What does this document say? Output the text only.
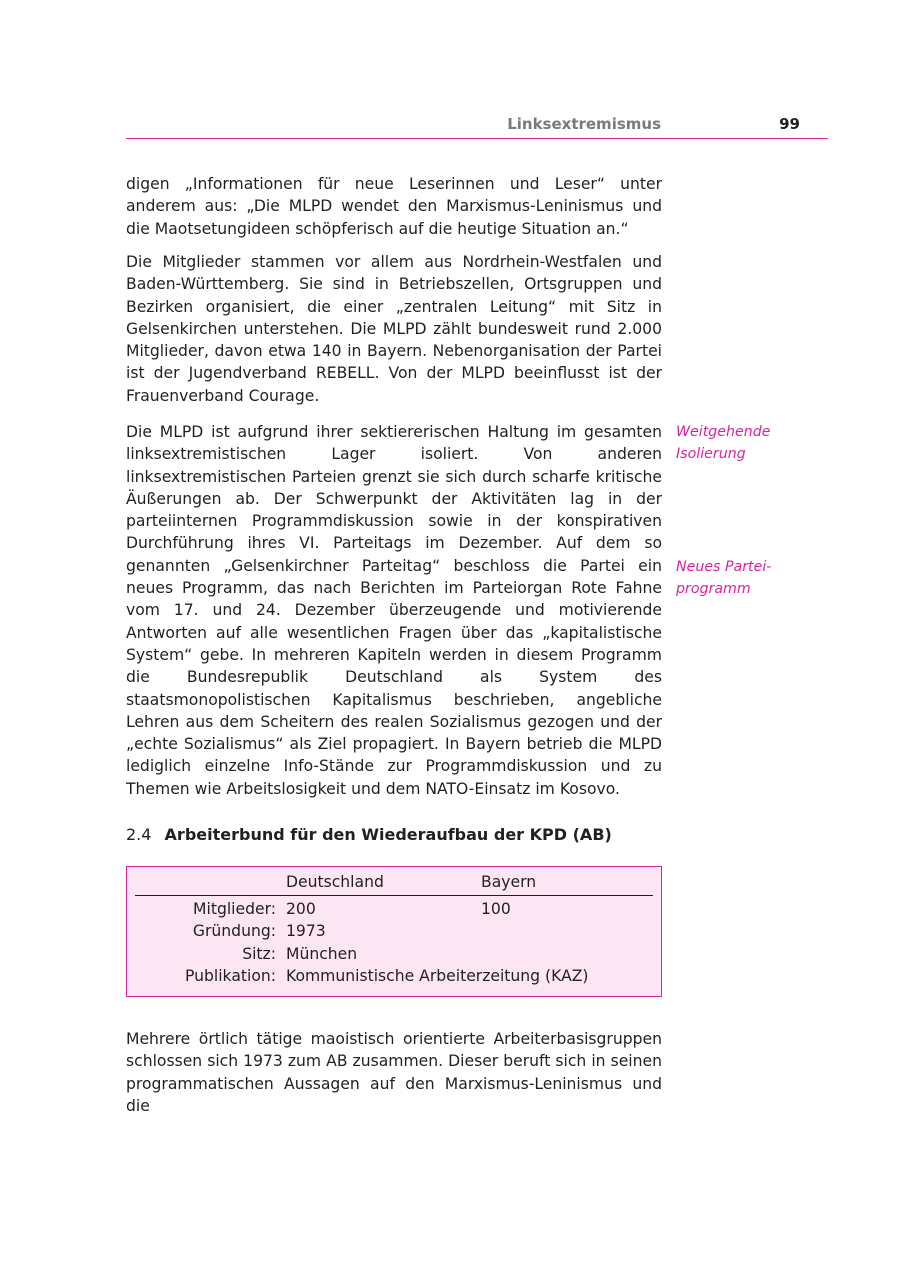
Linksextremismus	99

digen „Informationen für neue Leserinnen und Leser“ unter anderem aus: „Die MLPD wendet den Marxismus-Leninismus und die Maotsetungideen schöpferisch auf die heutige Situation an.“

Die Mitglieder stammen vor allem aus Nordrhein-Westfalen und Baden-Württemberg. Sie sind in Betriebszellen, Ortsgruppen und Bezirken organisiert, die einer „zentralen Leitung“ mit Sitz in Gelsenkirchen unterstehen. Die MLPD zählt bundesweit rund 2.000 Mitglieder, davon etwa 140 in Bayern. Nebenorganisation der Partei ist der Jugendverband REBELL. Von der MLPD beeinflusst ist der Frauenverband Courage.

Die MLPD ist aufgrund ihrer sektiererischen Haltung im gesamten linksextremistischen Lager isoliert. Von anderen linksextremistischen Parteien grenzt sie sich durch scharfe kritische Äußerungen ab. Der Schwerpunkt der Aktivitäten lag in der parteiinternen Programmdiskussion sowie in der konspirativen Durchführung ihres VI. Parteitags im Dezember. Auf dem so genannten „Gelsenkirchner Parteitag“ beschloss die Partei ein neues Programm, das nach Berichten im Parteiorgan Rote Fahne vom 17. und 24. Dezember überzeugende und motivierende Antworten auf alle wesentlichen Fragen über das „kapitalistische System“ gebe. In mehreren Kapiteln werden in diesem Programm die Bundesrepublik Deutschland als System des staatsmonopolistischen Kapitalismus beschrieben, angebliche Lehren aus dem Scheitern des realen Sozialismus gezogen und der „echte Sozialismus“ als Ziel propagiert. In Bayern betrieb die MLPD lediglich einzelne Info-Stände zur Programmdiskussion und zu Themen wie Arbeitslosigkeit und dem NATO-Einsatz im Kosovo.

Weitgehende
Isolierung
Neues Partei-
programm
2.4 Arbeiterbund für den Wiederaufbau der KPD (AB)
Deutschland	Bayern
Mitglieder: 200	100
Gründung: 1973
Sitz: München
Publikation: Kommunistische Arbeiterzeitung (KAZ)

Mehrere örtlich tätige maoistisch orientierte Arbeiterbasisgruppen schlossen sich 1973 zum AB zusammen. Dieser beruft sich in seinen programmatischen Aussagen auf den Marxismus-Leninismus und die
